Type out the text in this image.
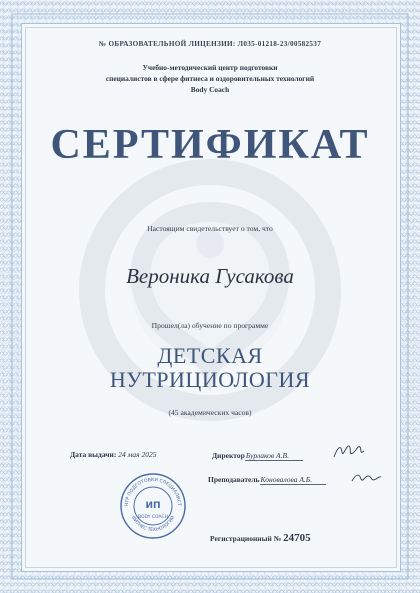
№ ОБРАЗОВАТЕЛЬНОЙ ЛИЦЕНЗИИ: Л035-01218-23/00582537
Учебно-методический центр подготовки
специалистов в сфере фитнеса и оздоровительных технологий
Body Coach
СЕРТИФИКАТ
Настоящим свидетельствует о том, что
Вероника Гусакова
Прошел(ла) обучение по программе
ДЕТСКАЯ
НУТРИЦИОЛОГИЯ
(45 академических часов)
Дата выдачи: 24 мая 2025	ДиректорБурлаков А.В.
ПреподавательКоновалова А.Б.
НТР ПОДГОТОВКИ СПЕЦИАЛИСТ
ФИТНЕС ТЕХНОЛОГИИ
ИП
BODY COACH
Регистрационный № 24705
